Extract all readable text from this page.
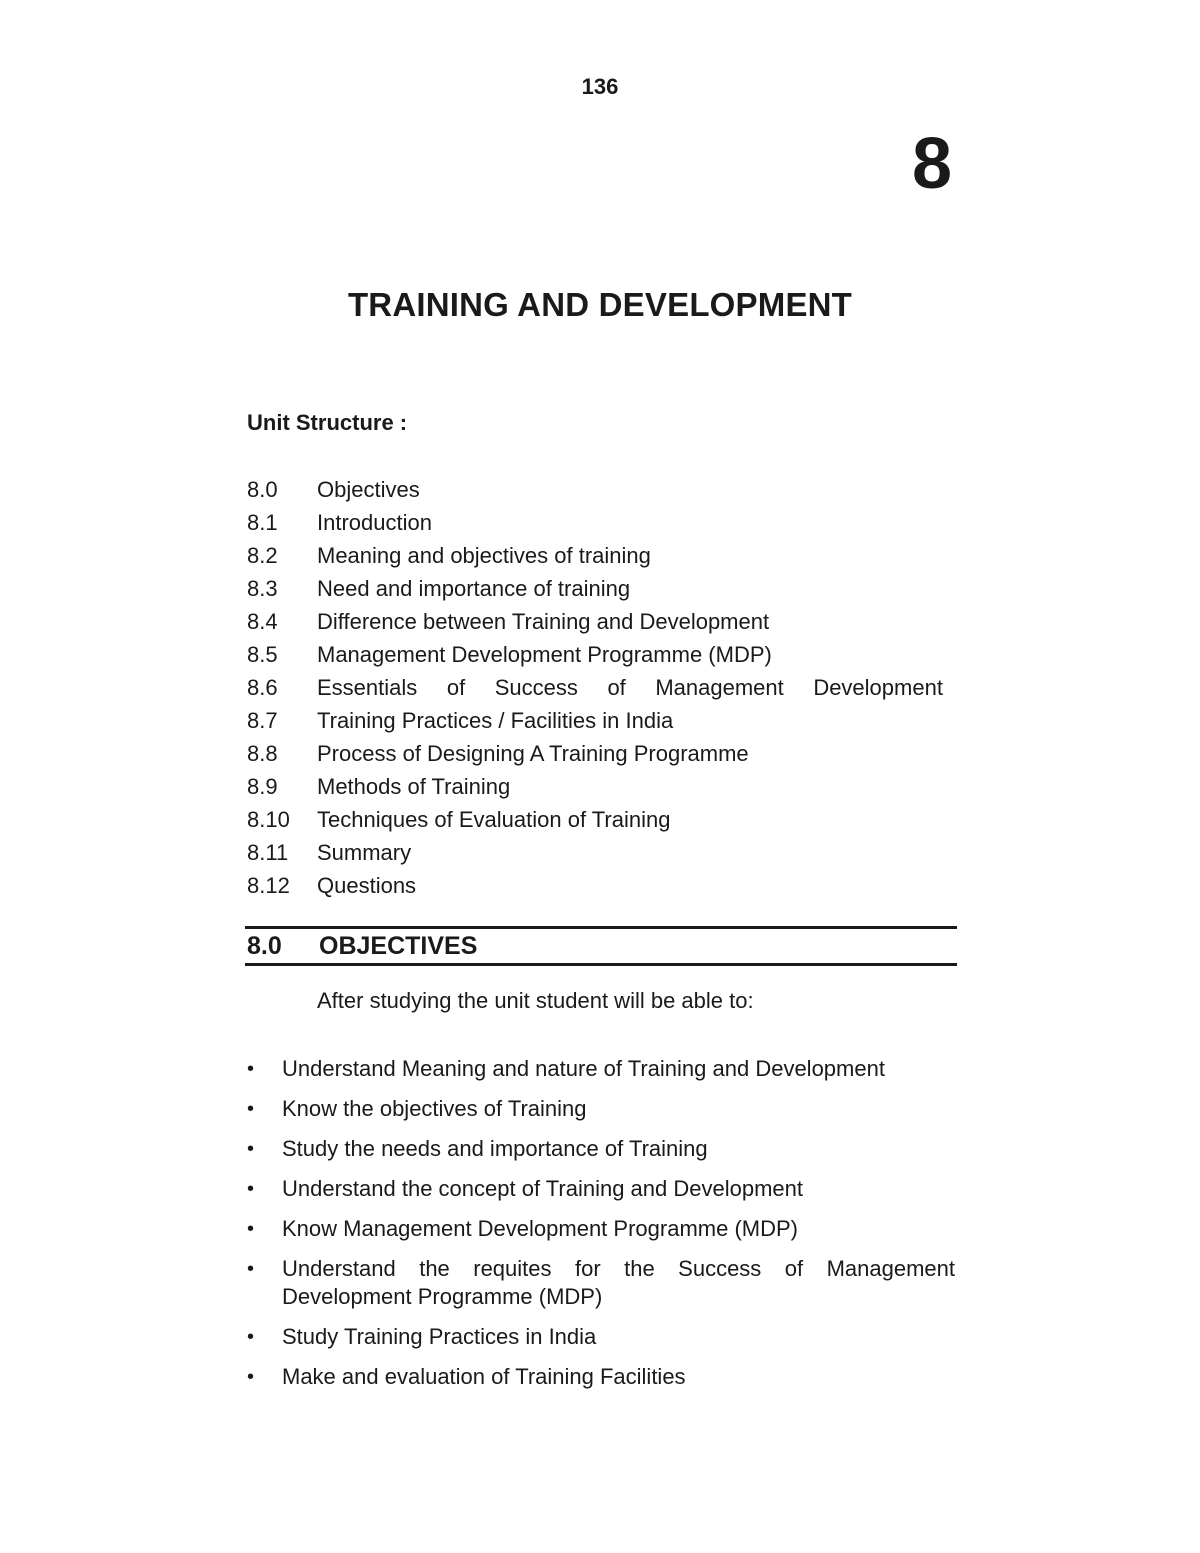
136
8
TRAINING AND DEVELOPMENT
Unit Structure :
8.0	Objectives
8.1	Introduction
8.2	Meaning and objectives of training
8.3	Need and importance of training
8.4	Difference between Training and Development
8.5	Management Development Programme (MDP)
8.6	Essentials of Success of Management Development
8.7	Training Practices / Facilities in India
8.8	Process of Designing A Training Programme
8.9	Methods of Training
8.10	Techniques of Evaluation of Training
8.11	Summary
8.12	Questions
8.0	OBJECTIVES
After studying the unit student will be able to:
•	Understand Meaning and nature of Training and Development
•	Know the objectives of Training
•	Study the needs and importance of Training
•	Understand the concept of Training and Development
•	Know Management Development Programme (MDP)
•	Understand the requites for the Success of Management Development Programme (MDP)
•	Study Training Practices in India
•	Make and evaluation of Training Facilities
